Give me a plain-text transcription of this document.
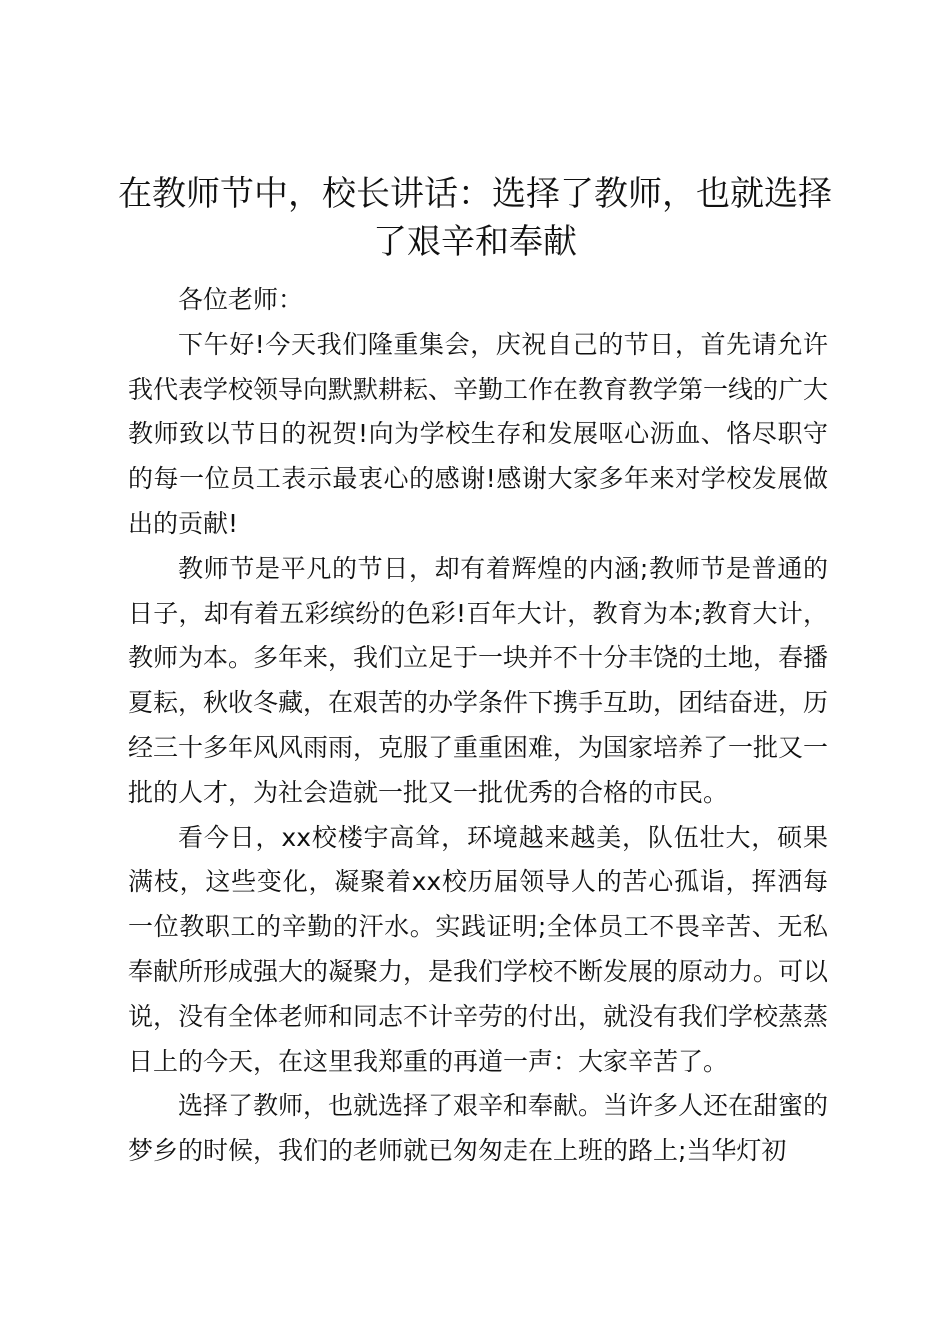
在教师节中，校长讲话：选择了教师，也就选择了艰辛和奉献

各位老师：

下午好!今天我们隆重集会，庆祝自己的节日，首先请允许我代表学校领导向默默耕耘、辛勤工作在教育教学第一线的广大教师致以节日的祝贺!向为学校生存和发展呕心沥血、恪尽职守的每一位员工表示最衷心的感谢!感谢大家多年来对学校发展做出的贡献!

教师节是平凡的节日，却有着辉煌的内涵;教师节是普通的日子，却有着五彩缤纷的色彩!百年大计，教育为本;教育大计，教师为本。多年来，我们立足于一块并不十分丰饶的土地，春播夏耘，秋收冬藏，在艰苦的办学条件下携手互助，团结奋进，历经三十多年风风雨雨，克服了重重困难，为国家培养了一批又一批的人才，为社会造就一批又一批优秀的合格的市民。

看今日，xx校楼宇高耸，环境越来越美，队伍壮大，硕果满枝，这些变化，凝聚着xx校历届领导人的苦心孤诣，挥洒每一位教职工的辛勤的汗水。实践证明;全体员工不畏辛苦、无私奉献所形成强大的凝聚力，是我们学校不断发展的原动力。可以说，没有全体老师和同志不计辛劳的付出，就没有我们学校蒸蒸日上的今天，在这里我郑重的再道一声：大家辛苦了。

选择了教师，也就选择了艰辛和奉献。当许多人还在甜蜜的梦乡的时候，我们的老师就已匆匆走在上班的路上;当华灯初
